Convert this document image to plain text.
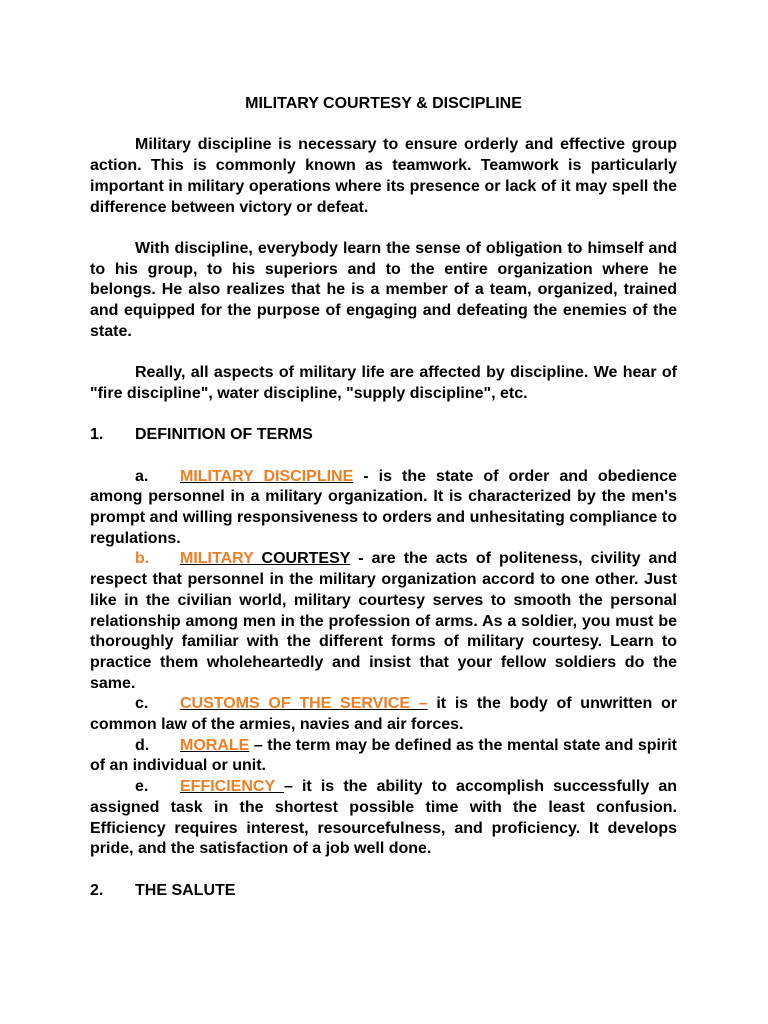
MILITARY COURTESY & DISCIPLINE

Military discipline is necessary to ensure orderly and effective group action. This is commonly known as teamwork. Teamwork is particularly important in military operations where its presence or lack of it may spell the difference between victory or defeat.

With discipline, everybody learn the sense of obligation to himself and to his group, to his superiors and to the entire organization where he belongs. He also realizes that he is a member of a team, organized, trained and equipped for the purpose of engaging and defeating the enemies of the state.

Really, all aspects of military life are affected by discipline. We hear of "fire discipline", water discipline, "supply discipline", etc.

1. DEFINITION OF TERMS

a. MILITARY DISCIPLINE - is the state of order and obedience among personnel in a military organization. It is characterized by the men's prompt and willing responsiveness to orders and unhesitating compliance to regulations.

b. MILITARY COURTESY - are the acts of politeness, civility and respect that personnel in the military organization accord to one other. Just like in the civilian world, military courtesy serves to smooth the personal relationship among men in the profession of arms. As a soldier, you must be thoroughly familiar with the different forms of military courtesy. Learn to practice them wholeheartedly and insist that your fellow soldiers do the same.

c. CUSTOMS OF THE SERVICE – it is the body of unwritten or common law of the armies, navies and air forces.

d. MORALE – the term may be defined as the mental state and spirit of an individual or unit.

e. EFFICIENCY – it is the ability to accomplish successfully an assigned task in the shortest possible time with the least confusion. Efficiency requires interest, resourcefulness, and proficiency. It develops pride, and the satisfaction of a job well done.

2. THE SALUTE
